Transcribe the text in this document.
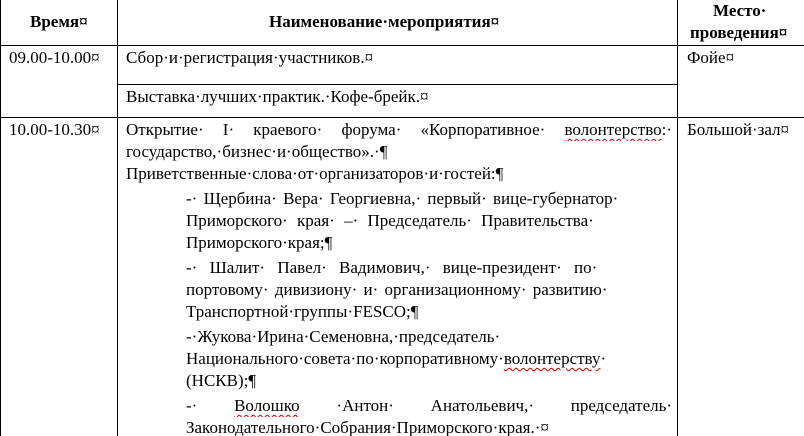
Время¤	Наименование·мероприятия¤
Место·
проведения¤
09.00-10.00¤ Сбор·и·регистрация·участников.¤
Выставка·лучших·практик.·Кофе-брейк.¤
Фойе¤
10.00-10.30¤	Большой·зал¤
Открытие· I· краевого· форума· «Корпоративное· волонтерство:·
государство,·бизнес·и·общество».·¶
Приветственные·слова·от·организаторов·и·гостей:¶
-· Щербина· Вера· Георгиевна,· первый· вице-губернатор·
Приморского· края· –· Председатель· Правительства·
Приморского·края;¶
-· Шалит· Павел· Вадимович,· вице-президент· по·
портовому· дивизиону· и· организационному· развитию·
Транспортной·группы·FESCO;¶
-·Жукова·Ирина·Семеновна,·председатель·
Национального·совета·по·корпоративному·волонтерству·
(НСКВ);¶
-· Волошко ·Антон· Анатольевич,· председатель·
Законодательного·Собрания·Приморского·края.·¤
